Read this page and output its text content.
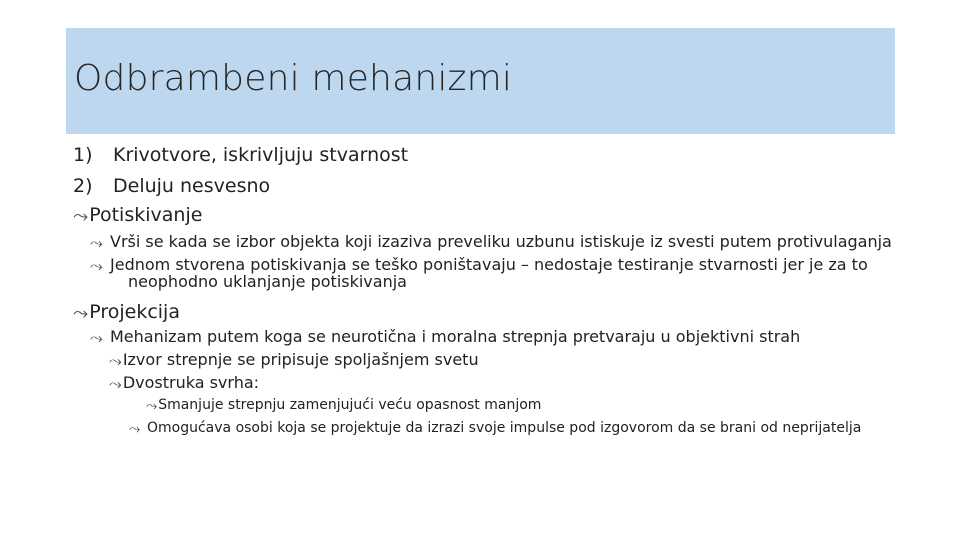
Odbrambeni mehanizmi
1) Krivotvore, iskrivljuju stvarnost
2) Deluju nesvesno
⤳Potiskivanje
⤳ Vrši se kada se izbor objekta koji izaziva preveliku uzbunu istiskuje iz svesti putem protivulaganja
⤳ Jednom stvorena potiskivanja se teško poništavaju – nedostaje testiranje stvarnosti jer je za to neophodno uklanjanje potiskivanja
⤳Projekcija
⤳ Mehanizam putem koga se neurotična i moralna strepnja pretvaraju u objektivni strah
⤳Izvor strepnje se pripisuje spoljašnjem svetu
⤳Dvostruka svrha:
⤳Smanjuje strepnju zamenjujući veću opasnost manjom
⤳ Omogućava osobi koja se projektuje da izrazi svoje impulse pod izgovorom da se brani od neprijatelja
